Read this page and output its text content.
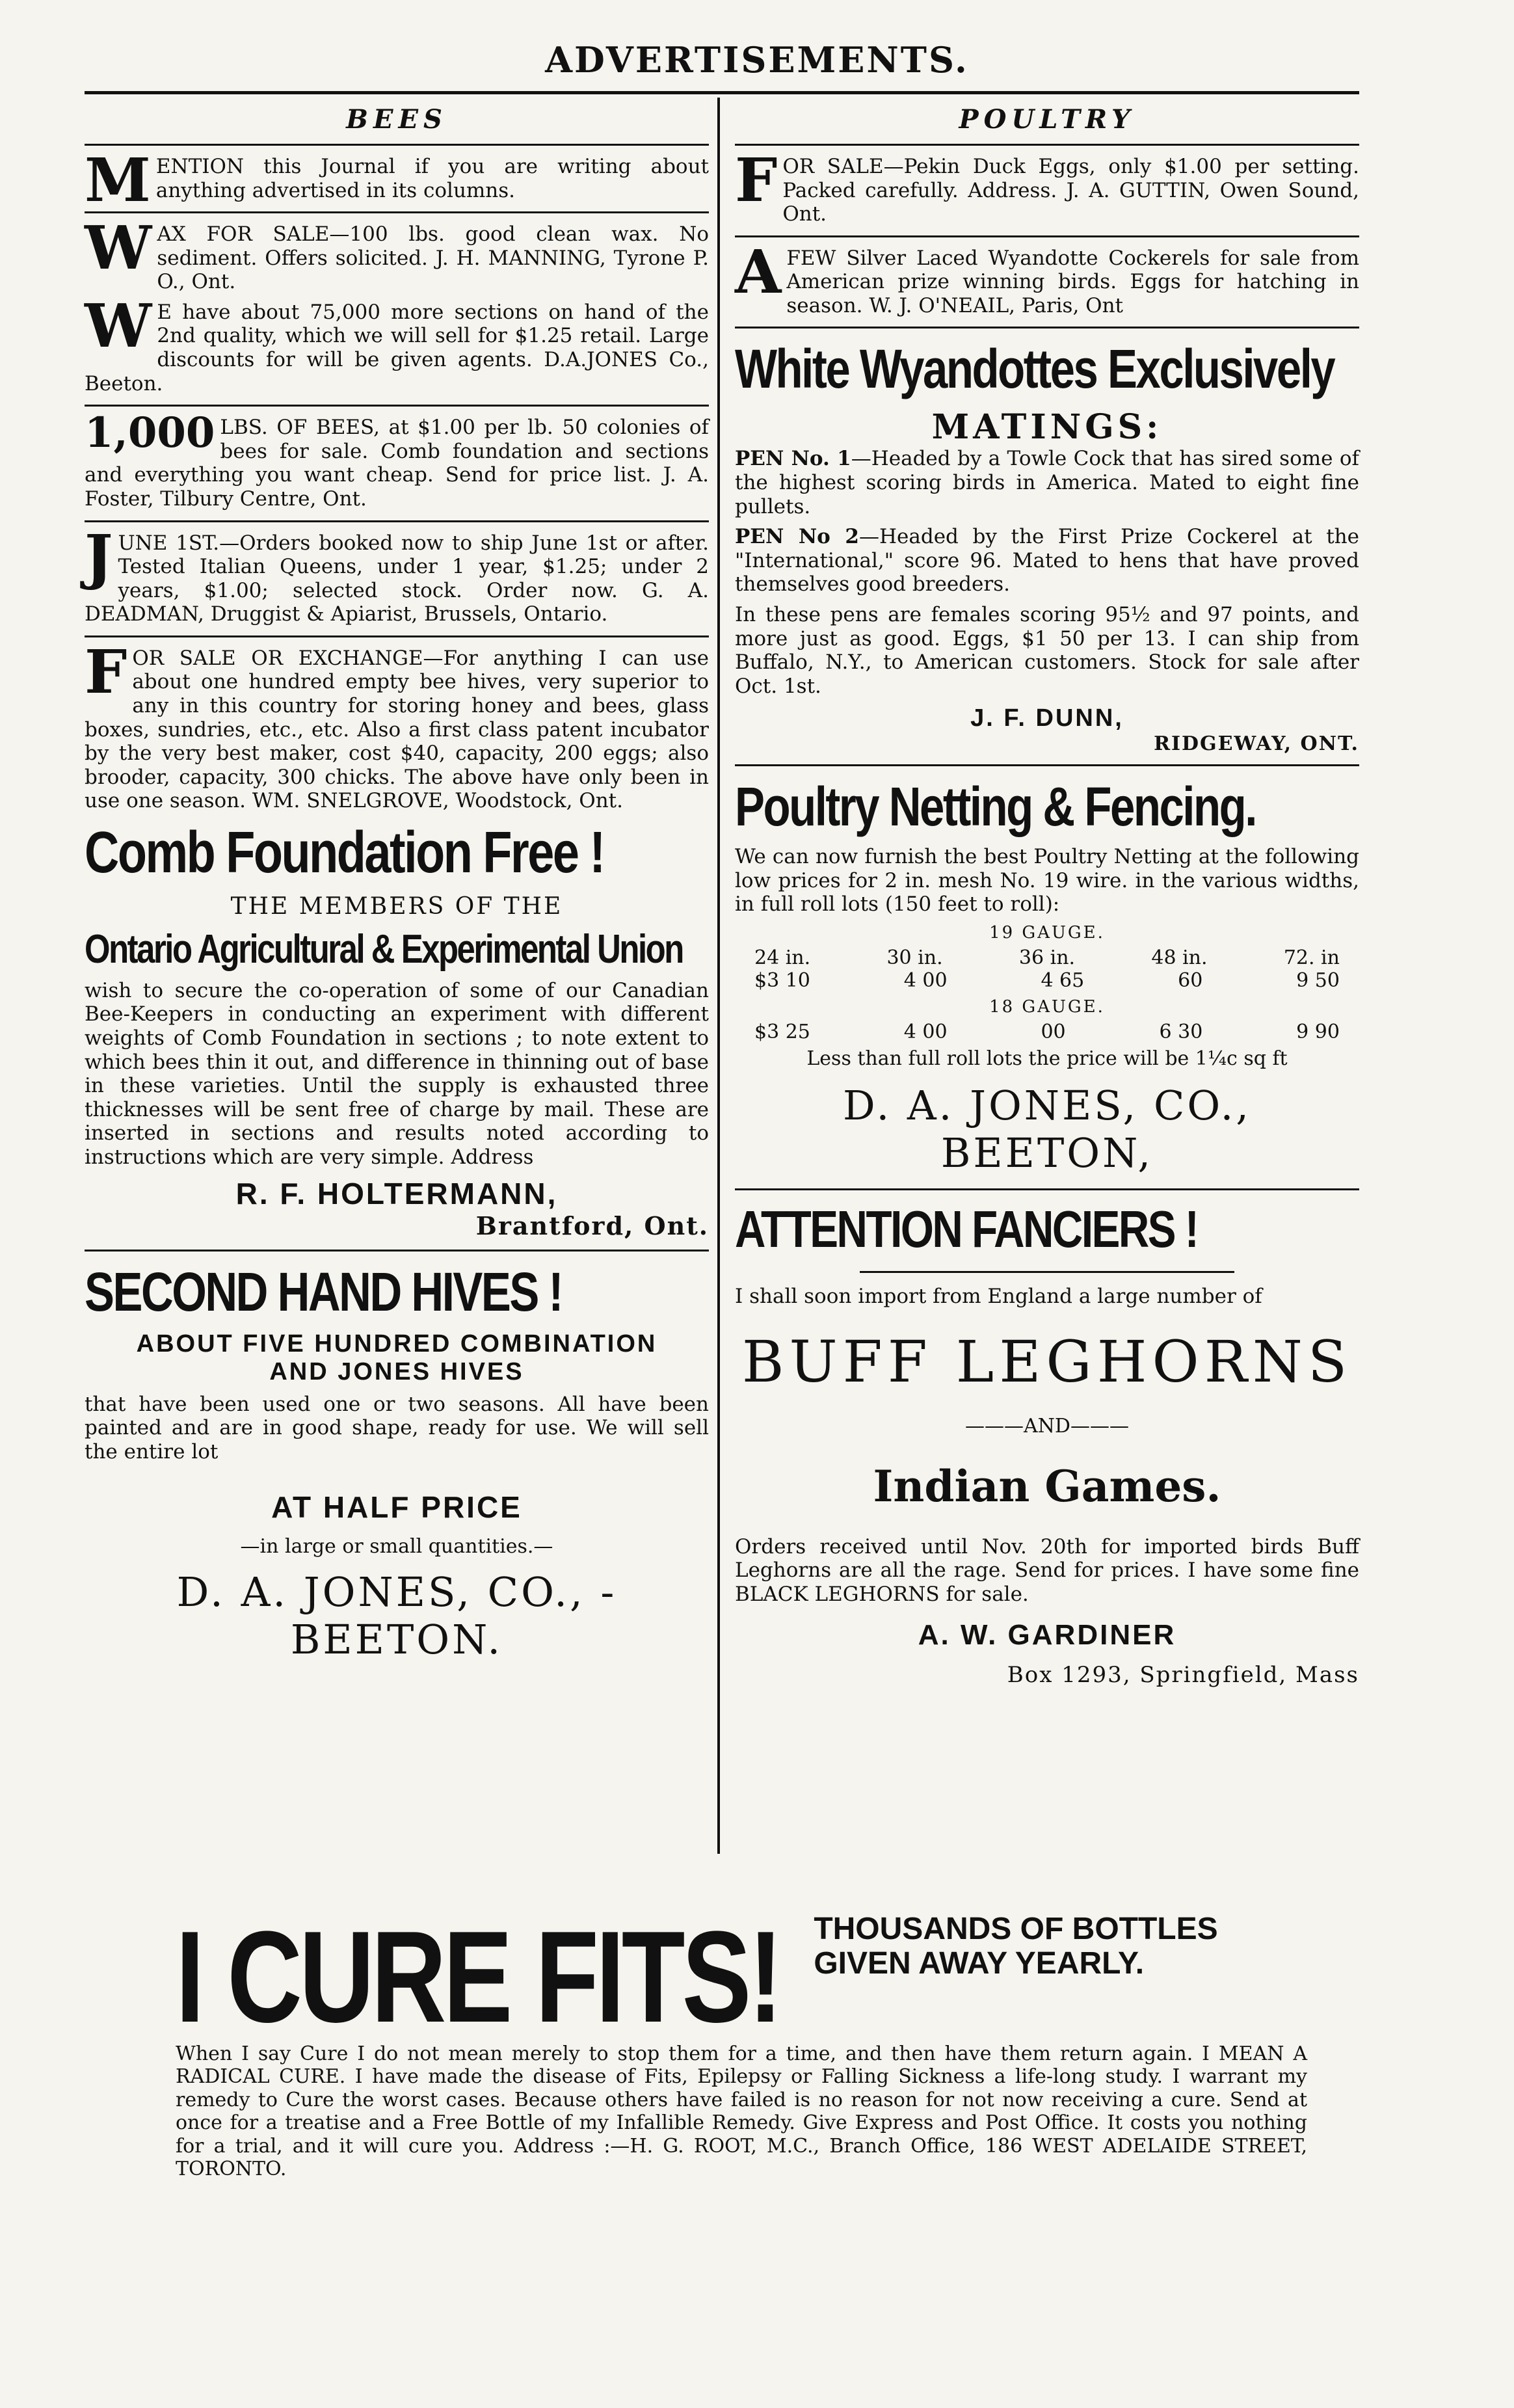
ADVERTISEMENTS.
BEES

MENTION this Journal if you are writing about anything advertised in its columns.

WAX FOR SALE—100 lbs. good clean wax. No sediment. Offers solicited. J. H. MANNING, Tyrone P. O., Ont.

W E have about 75,000 more sections on hand of the 2nd quality, which we will sell for $1.25 retail. Large discounts for will be given agents. D.A.JONES Co., Beeton.

1,000 LBS. OF BEES, at $1.00 per lb. 50 colonies of bees for sale. Comb foundation and sections and everything you want cheap. Send for price list. J. A. Foster, Tilbury Centre, Ont.

JUNE 1ST.—Orders booked now to ship June 1st or after. Tested Italian Queens, under 1 year, $1.25; under 2 years, $1.00; selected stock. Order now. G. A. DEADMAN, Druggist & Apiarist, Brussels, Ontario.

FOR SALE OR EXCHANGE—For anything I can use about one hundred empty bee hives, very superior to any in this country for storing honey and bees, glass boxes, sundries, etc., etc. Also a first class patent incubator by the very best maker, cost $40, capacity, 200 eggs; also brooder, capacity, 300 chicks. The above have only been in use one season. WM. SNELGROVE, Woodstock, Ont.

Comb Foundation Free !
THE MEMBERS OF THE
Ontario Agricultural & Experimental Union

wish to secure the co-operation of some of our Canadian Bee-Keepers in conducting an experiment with different weights of Comb Foundation in sections ; to note extent to which bees thin it out, and difference in thinning out of base in these varieties. Until the supply is exhausted three thicknesses will be sent free of charge by mail. These are inserted in sections and results noted according to instructions which are very simple. Address

R. F. HOLTERMANN,
Brantford, Ont.
SECOND HAND HIVES !
ABOUT FIVE HUNDRED COMBINATION
AND JONES HIVES

that have been used one or two seasons. All have been painted and are in good shape, ready for use. We will sell the entire lot

AT HALF PRICE
—in large or small quantities.—
D. A. JONES, CO., - BEETON.
POULTRY

FOR SALE—Pekin Duck Eggs, only $1.00 per setting. Packed carefully. Address. J. A. GUTTIN, Owen Sound, Ont.

AFEW Silver Laced Wyandotte Cockerels for sale from American prize winning birds. Eggs for hatching in season. W. J. O'NEAIL, Paris, Ont

White Wyandottes Exclusively
MATINGS:

PEN No. 1—Headed by a Towle Cock that has sired some of the highest scoring birds in America. Mated to eight fine pullets.

PEN No 2—Headed by the First Prize Cockerel at the "International," score 96. Mated to hens that have proved themselves good breeders.

In these pens are females scoring 95½ and 97 points, and more just as good. Eggs, $1 50 per 13. I can ship from Buffalo, N.Y., to American customers. Stock for sale after Oct. 1st.

J. F. DUNN,
RIDGEWAY, ONT.
Poultry Netting & Fencing.

We can now furnish the best Poultry Netting at the following low prices for 2 in. mesh No. 19 wire. in the various widths, in full roll lots (150 feet to roll):

19 GAUGE.
24 in.	30 in.	36 in.	48 in.	72. in
$3 10	4 00	4 65	60	9 50
18 GAUGE.
$3 25	4 00	00	6 30	9 90
Less than full roll lots the price will be 1¼c sq ft
D. A. JONES, CO., BEETON,
ATTENTION FANCIERS !

I shall soon import from England a large number of

BUFF LEGHORNS
———AND———
Indian Games.

Orders received until Nov. 20th for imported birds Buff Leghorns are all the rage. Send for prices. I have some fine BLACK LEGHORNS for sale.

A. W. GARDINER
Box 1293, Springfield, Mass
I CURE FITS!	THOUSANDS OF BOTTLES
GIVEN AWAY YEARLY.

When I say Cure I do not mean merely to stop them for a time, and then have them return again. I MEAN A RADICAL CURE. I have made the disease of Fits, Epilepsy or Falling Sickness a life-long study. I warrant my remedy to Cure the worst cases. Because others have failed is no reason for not now receiving a cure. Send at once for a treatise and a Free Bottle of my Infallible Remedy. Give Express and Post Office. It costs you nothing for a trial, and it will cure you. Address :—H. G. ROOT, M.C., Branch Office, 186 WEST ADELAIDE STREET, TORONTO.
